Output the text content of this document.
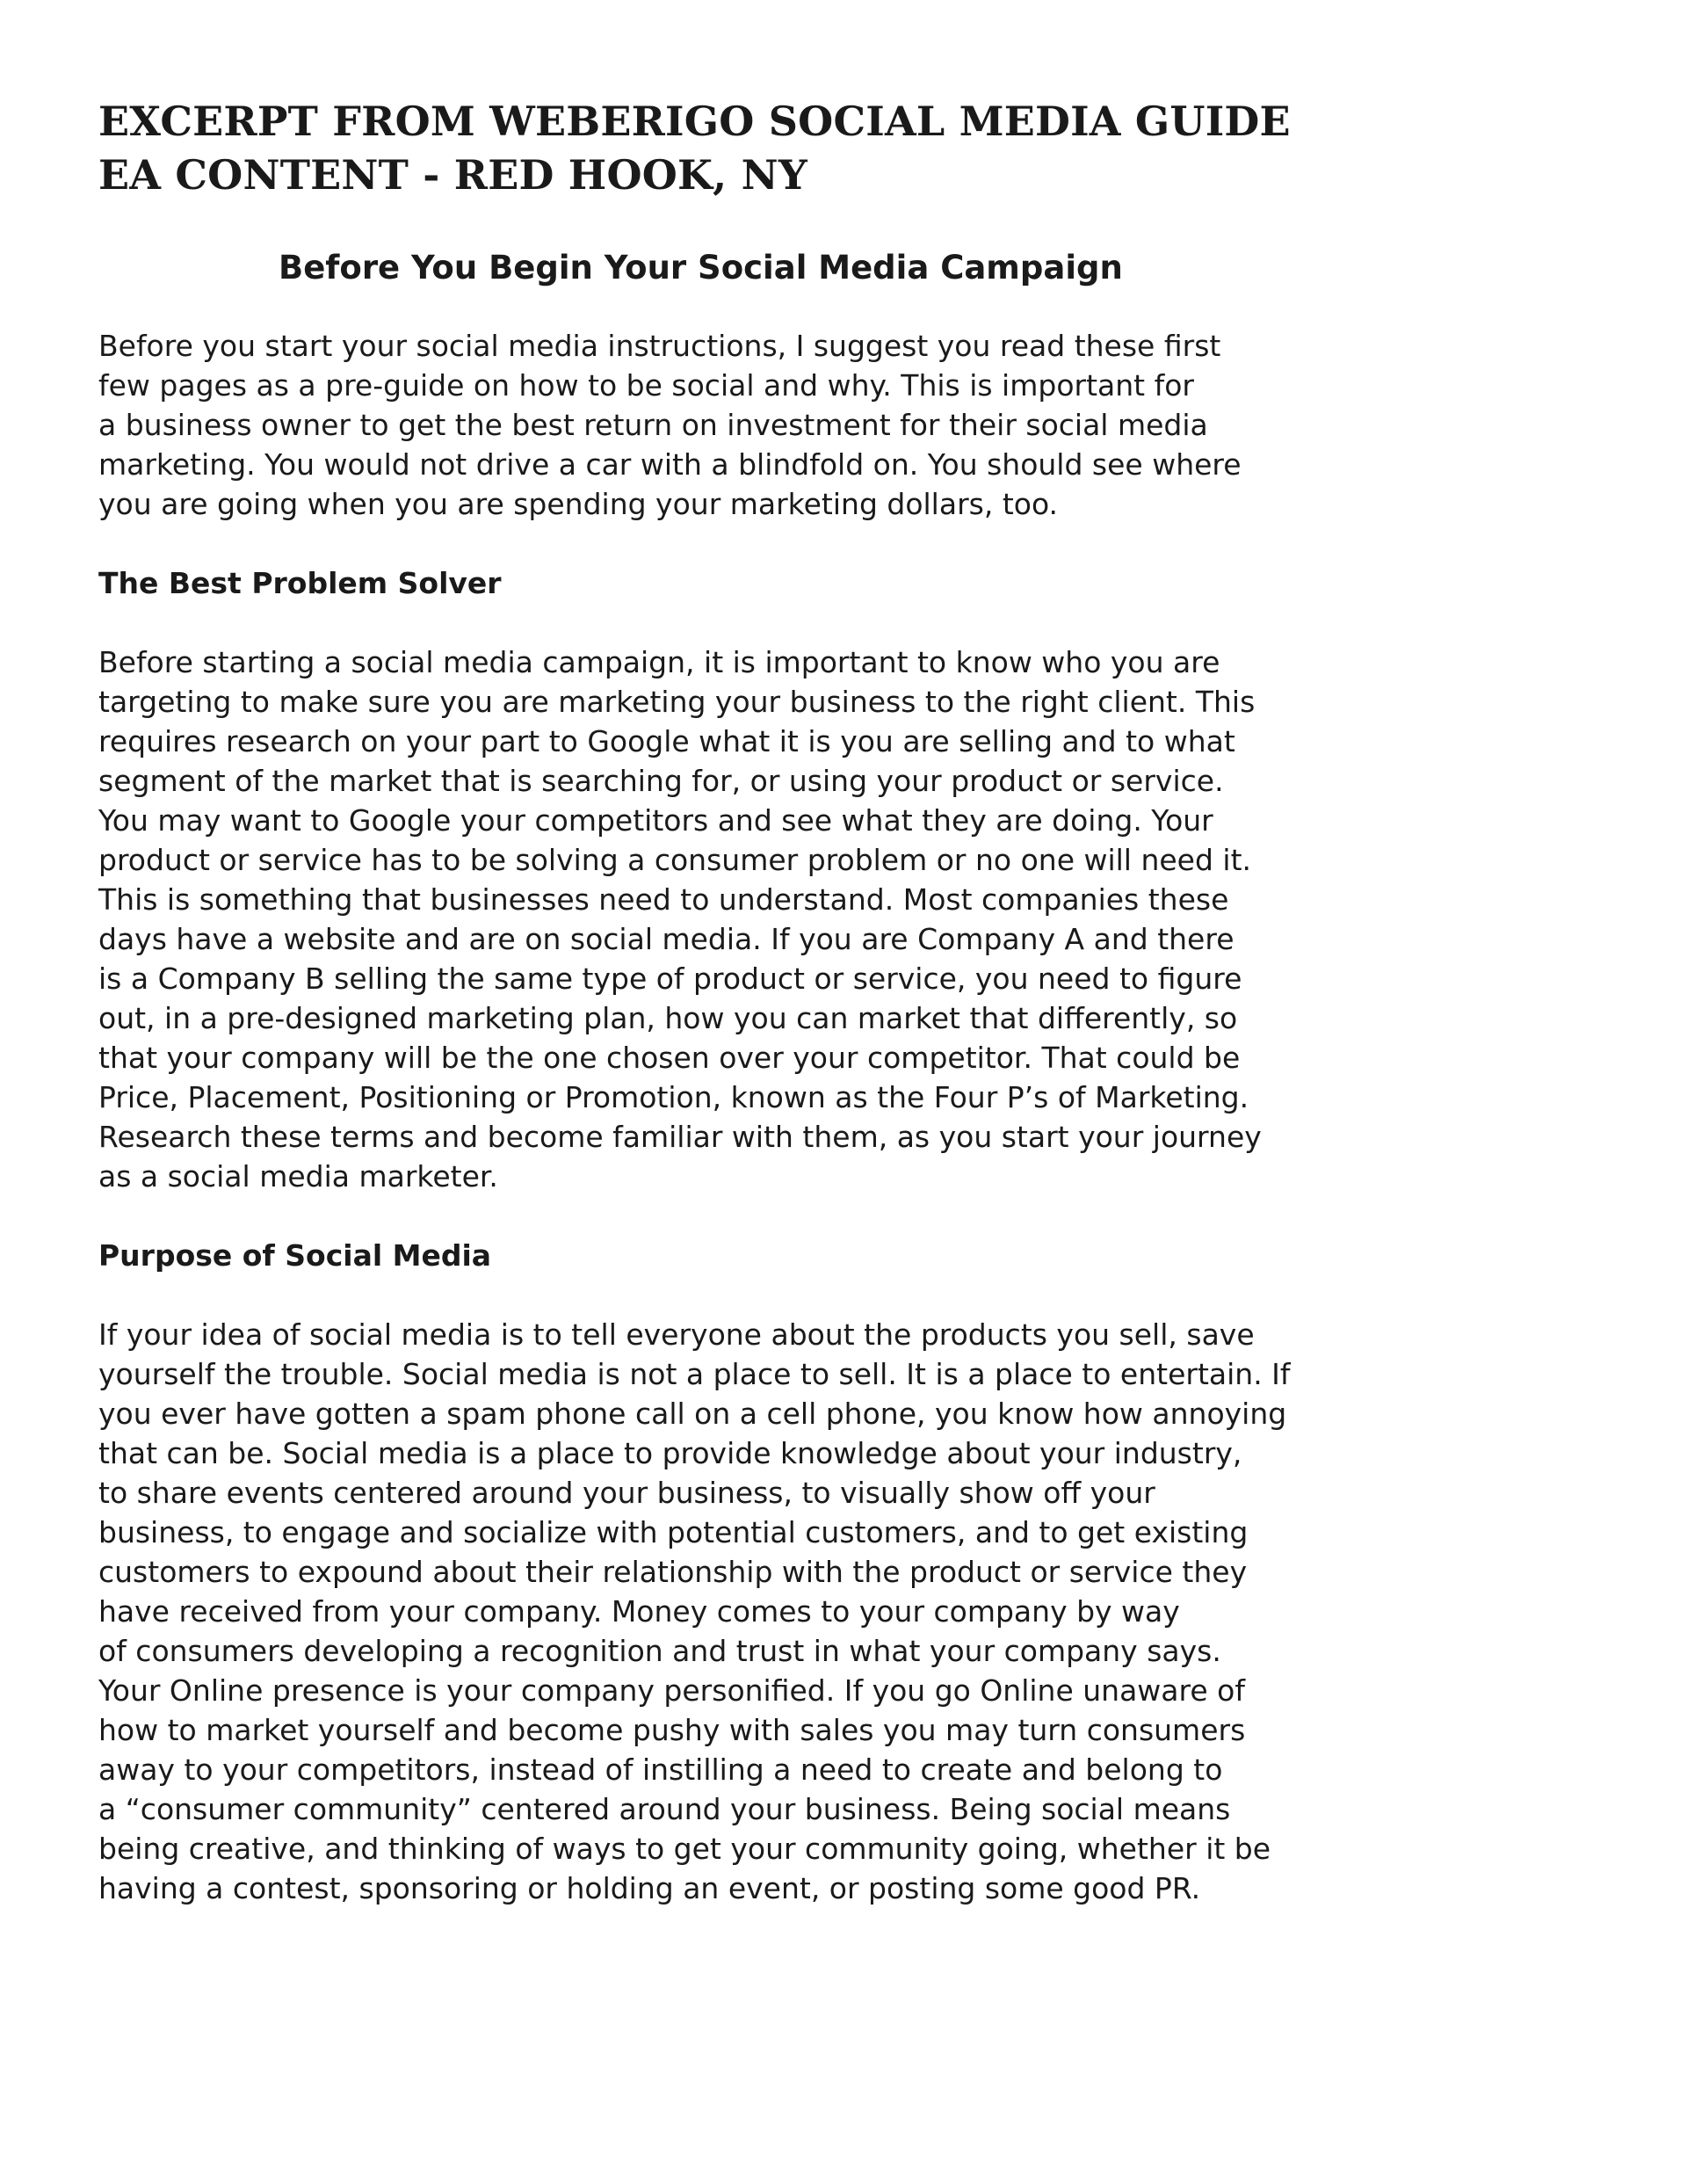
EXCERPT FROM WEBERIGO SOCIAL MEDIA GUIDE
EA CONTENT - RED HOOK, NY
Before You Begin Your Social Media Campaign

Before you start your social media instructions, I suggest you read these first
few pages as a pre-guide on how to be social and why. This is important for
a business owner to get the best return on investment for their social media
marketing. You would not drive a car with a blindfold on. You should see where
you are going when you are spending your marketing dollars, too.

The Best Problem Solver

Before starting a social media campaign, it is important to know who you are
targeting to make sure you are marketing your business to the right client. This
requires research on your part to Google what it is you are selling and to what
segment of the market that is searching for, or using your product or service.
You may want to Google your competitors and see what they are doing. Your
product or service has to be solving a consumer problem or no one will need it.
This is something that businesses need to understand. Most companies these
days have a website and are on social media. If you are Company A and there
is a Company B selling the same type of product or service, you need to figure
out, in a pre-designed marketing plan, how you can market that differently, so
that your company will be the one chosen over your competitor. That could be
Price, Placement, Positioning or Promotion, known as the Four P’s of Marketing.
Research these terms and become familiar with them, as you start your journey
as a social media marketer.

Purpose of Social Media

If your idea of social media is to tell everyone about the products you sell, save
yourself the trouble. Social media is not a place to sell. It is a place to entertain. If
you ever have gotten a spam phone call on a cell phone, you know how annoying
that can be. Social media is a place to provide knowledge about your industry,
to share events centered around your business, to visually show off your
business, to engage and socialize with potential customers, and to get existing
customers to expound about their relationship with the product or service they
have received from your company. Money comes to your company by way
of consumers developing a recognition and trust in what your company says.
Your Online presence is your company personified. If you go Online unaware of
how to market yourself and become pushy with sales you may turn consumers
away to your competitors, instead of instilling a need to create and belong to
a “consumer community” centered around your business. Being social means
being creative, and thinking of ways to get your community going, whether it be
having a contest, sponsoring or holding an event, or posting some good PR.
